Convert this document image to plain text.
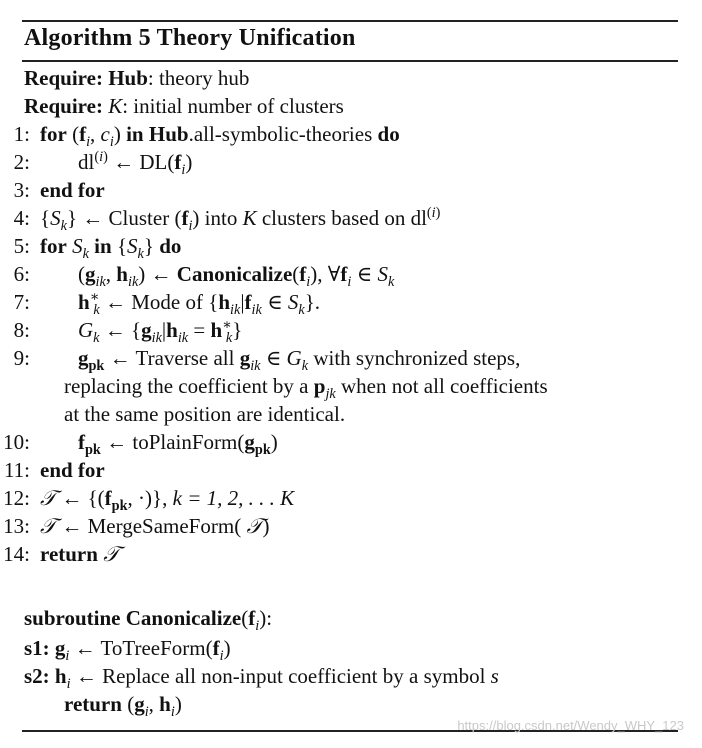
Algorithm 5 Theory Unification
Require: Hub: theory hub
Require: K: initial number of clusters
1: for ($f_i$, $c_i$) in Hub.all-symbolic-theories do
2: $dl^{(i)}$ ← $DL(f_i)$
3: end for
4: $\{S_k\}$ ← Cluster $(f_i)$ into K clusters based on $dl^{(i)}$
5: for $S_k$ in $\{S_k\}$ do
6: ($g_{ik}$, $h_{ik}$) ← $Canonicalize(f_i)$, $\forall f_i$ ∈ $S_k$
7: $h^∗_k$ ← Mode of {$h_{ik}|f_{ik}$ ∈ $S_k$}.
8: $G_k$ ← $\{g_{ik}|h_{ik} = h^∗_k\}$
9: $g_{pk}$ ← Traverse all $g_{ik}$ ∈ $G_k$ with synchronized steps,
replacing the coefficient by a $p_{jk}$ when not all coefficients
at the same position are identical.
10: $f_{pk}$ ← $toPlainForm(g_{pk})$
11: end for
12: 𝒯 ← {($f_{pk}$, ·)}, k = 1, 2, . . . K
13: 𝒯 ← MergeSameForm( 𝒯)
14: return 𝒯
subroutine $Canonicalize(f_i)$:
s1: $g_i$ ← $ToTreeForm(f_i)$
s2: $h_i$ ← Replace all non-input coefficient by a symbol s
return ($g_i$, $h_i$)
https://blog.csdn.net/Wendy_WHY_123
